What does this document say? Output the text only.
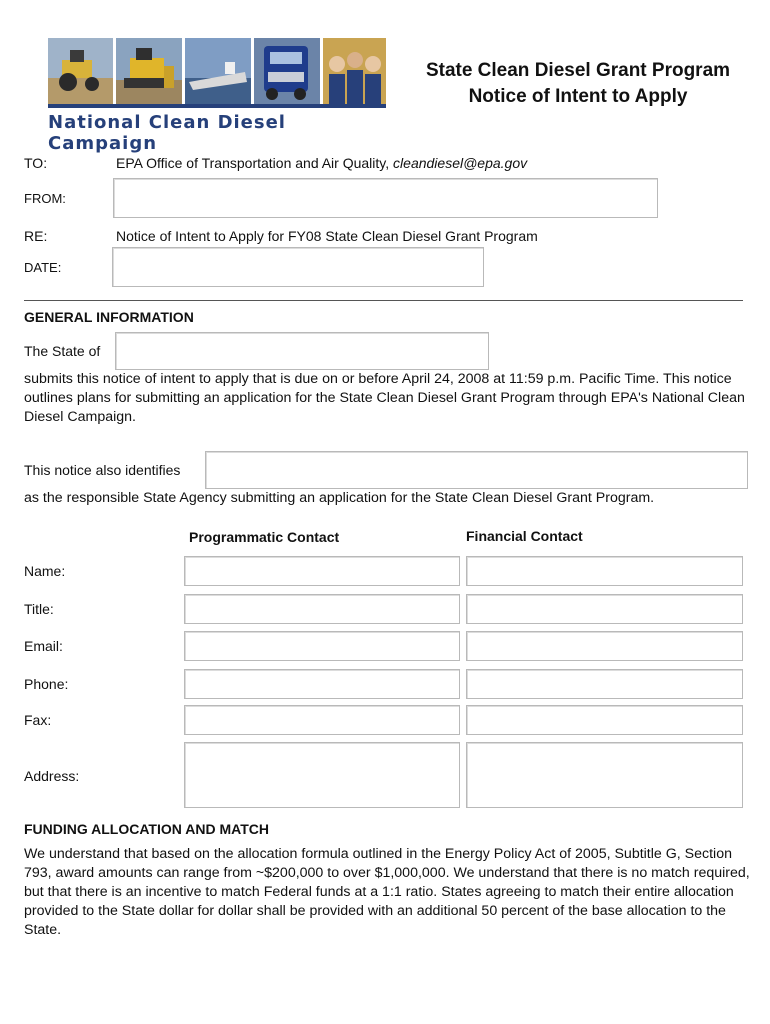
National Clean Diesel Campaign
State Clean Diesel Grant Program
Notice of Intent to Apply
TO:	EPA Office of Transportation and Air Quality, cleandiesel@epa.gov
FROM:
RE:	Notice of Intent to Apply for FY08 State Clean Diesel Grant Program
DATE:
GENERAL INFORMATION
The State of
submits this notice of intent to apply that is due on or before April 24, 2008 at 11:59 p.m. Pacific Time. This notice outlines plans for submitting an application for the State Clean Diesel Grant Program through EPA's National Clean Diesel Campaign.
This notice also identifies
as the responsible State Agency submitting an application for the State Clean Diesel Grant Program.
Programmatic Contact	Financial Contact
Name:
Title:
Email:
Phone:
Fax:
Address:
FUNDING ALLOCATION AND MATCH
We understand that based on the allocation formula outlined in the Energy Policy Act of 2005, Subtitle G, Section 793, award amounts can range from ~$200,000 to over $1,000,000. We understand that there is no match required, but that there is an incentive to match Federal funds at a 1:1 ratio. States agreeing to match their entire allocation provided to the State dollar for dollar shall be provided with an additional 50 percent of the base allocation to the State.
